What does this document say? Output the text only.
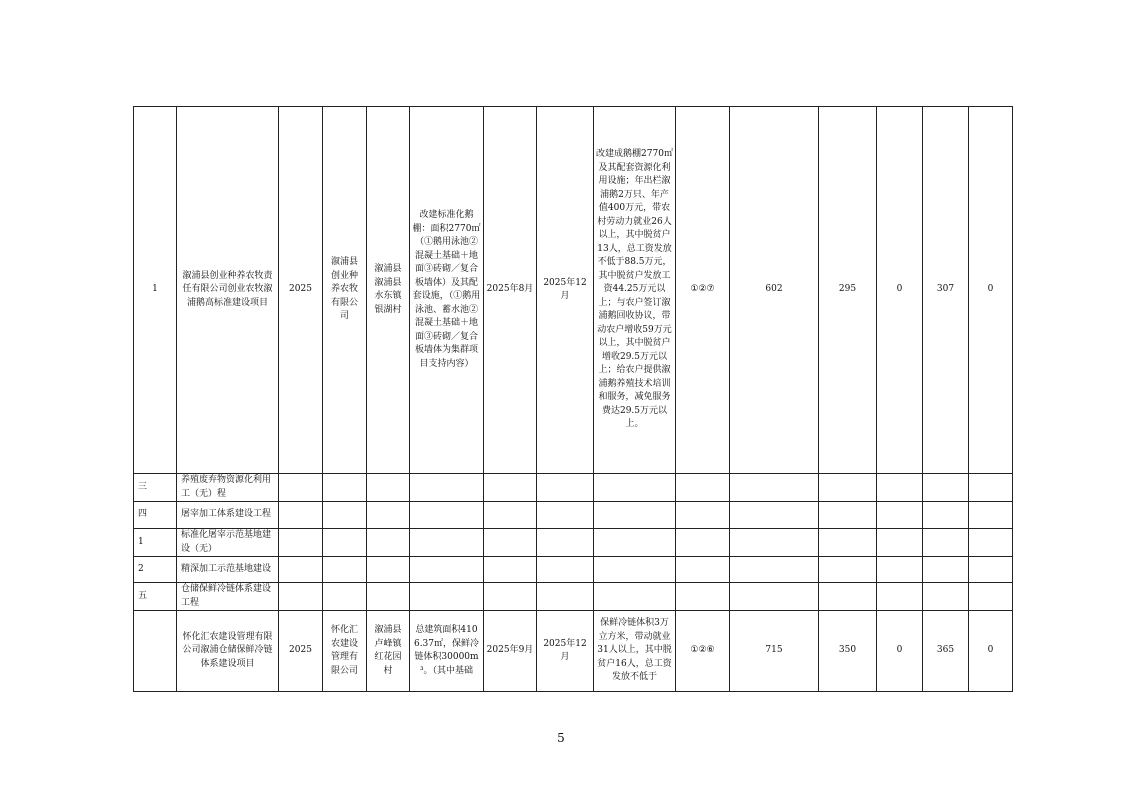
1	溆浦县创业种养农牧责任有限公司创业农牧溆浦鹅高标准建设项目	2025	溆浦县创业种养农牧有限公司	溆浦县溆浦县水东镇银湖村	改建标准化鹅棚：面积2770㎡（①鹅用泳池②混凝土基础＋地面③砖砌／复合板墙体）及其配套设施，（①鹅用泳池、蓄水池② 混凝土基础＋地面③砖砌／复合板墙体为集群项目支持内容）	2025年8月	2025年12月	改建成鹅棚2770㎡及其配套资源化利用设施；年出栏溆浦鹅2万只、年产值400万元，带农村劳动力就业26人以上，其中脱贫户13人，总工资发放不低于88.5万元，其中脱贫户发放工资44.25万元以上；与农户签订溆浦鹅回收协议，带动农户增收59万元以上，其中脱贫户增收29.5万元以上；给农户提供溆浦鹅养殖技术培训和服务，减免服务费达29.5万元以上。	①②⑦	602	295	0	307	0
三	养殖废弃物资源化利用工（无）程													
四	屠宰加工体系建设工程													
1	标准化屠宰示范基地建设（无）													
2	精深加工示范基地建设													
五	仓储保鲜冷链体系建设工程													
	怀化汇农建设管理有限公司溆浦仓储保鲜冷链体系建设项目	2025	怀化汇农建设管理有限公司	溆浦县卢峰镇红花园村	总建筑面积4106.37㎡，保鲜冷链体积30000m³。（其中基础	2025年9月	2025年12月	保鲜冷链体积3万立方米，带动就业31人以上，其中脱贫户16人，总工资发放不低于	①②⑥	715	350	0	365	0
5
